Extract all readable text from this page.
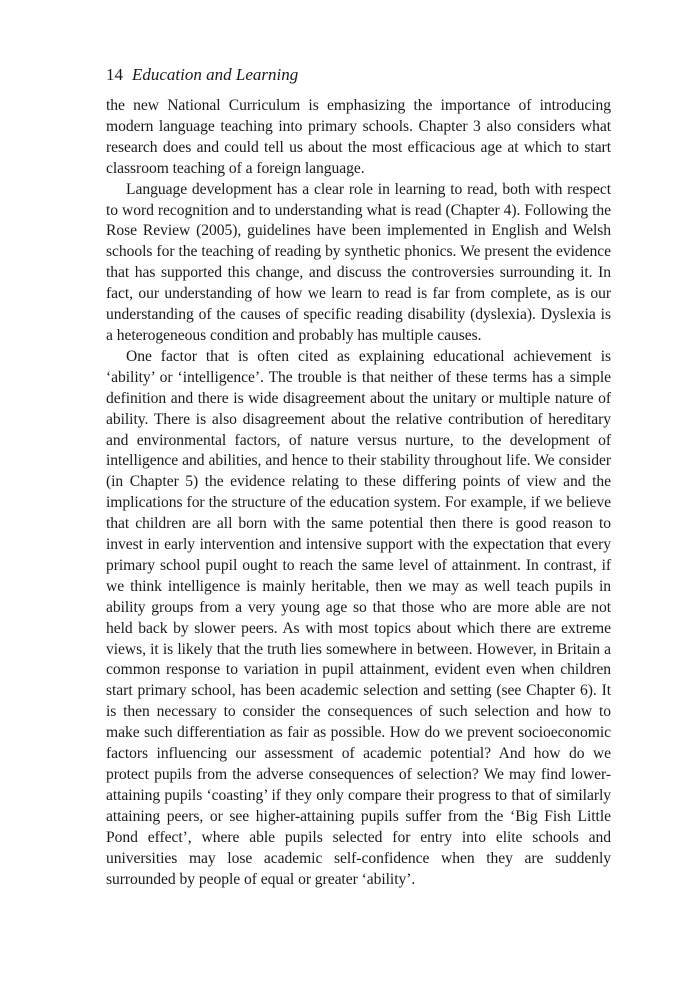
14 Education and Learning

the new National Curriculum is emphasizing the importance of introducing modern language teaching into primary schools. Chapter 3 also considers what research does and could tell us about the most efficacious age at which to start classroom teaching of a foreign language.

Language development has a clear role in learning to read, both with respect to word recognition and to understanding what is read (Chapter 4). Following the Rose Review (2005), guidelines have been implemented in English and Welsh schools for the teaching of reading by synthetic phonics. We present the evidence that has supported this change, and discuss the controversies surrounding it. In fact, our understanding of how we learn to read is far from complete, as is our understanding of the causes of specific reading disability (dyslexia). Dyslexia is a heterogeneous condition and probably has multiple causes.

One factor that is often cited as explaining educational achievement is ‘ability’ or ‘intelligence’. The trouble is that neither of these terms has a simple definition and there is wide disagreement about the unitary or multiple nature of ability. There is also disagreement about the relative contribution of hereditary and environmental factors, of nature versus nurture, to the development of intelligence and abilities, and hence to their stability throughout life. We consider (in Chapter 5) the evidence relating to these differing points of view and the implications for the structure of the education system. For example, if we believe that children are all born with the same potential then there is good reason to invest in early intervention and intensive support with the expectation that every primary school pupil ought to reach the same level of attainment. In contrast, if we think intelligence is mainly heritable, then we may as well teach pupils in ability groups from a very young age so that those who are more able are not held back by slower peers. As with most topics about which there are extreme views, it is likely that the truth lies somewhere in between. However, in Britain a common response to variation in pupil attainment, evident even when children start primary school, has been academic selection and setting (see Chapter 6). It is then necessary to consider the consequences of such selection and how to make such differentiation as fair as possible. How do we prevent socioeconomic factors influencing our assessment of academic potential? And how do we protect pupils from the adverse consequences of selection? We may find lower-attaining pupils ‘coasting’ if they only compare their progress to that of similarly attaining peers, or see higher-attaining pupils suffer from the ‘Big Fish Little Pond effect’, where able pupils selected for entry into elite schools and universities may lose academic self-confidence when they are suddenly surrounded by people of equal or greater ‘ability’.
